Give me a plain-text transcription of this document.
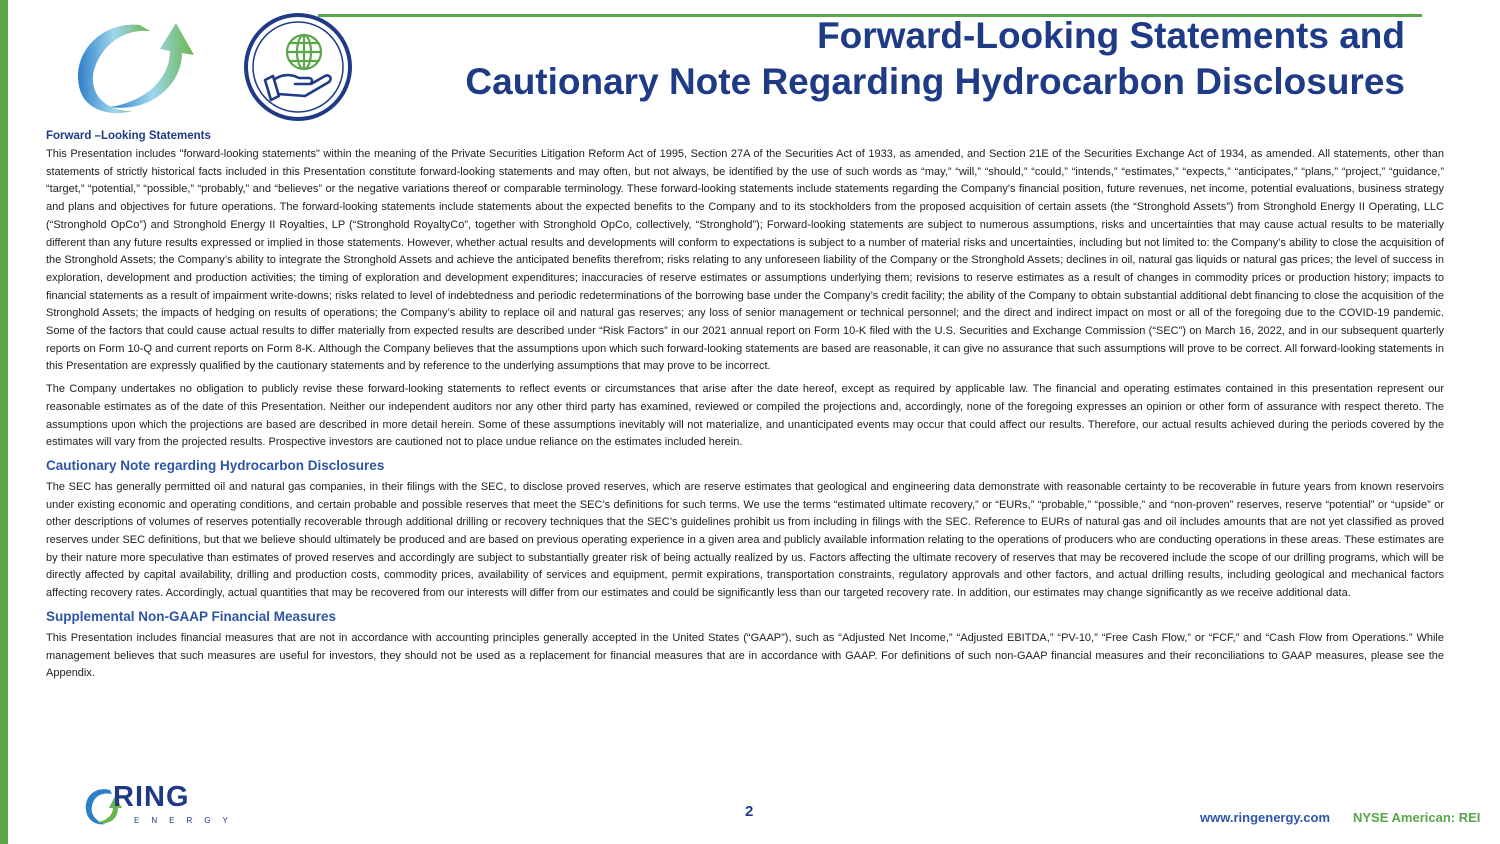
Forward-Looking Statements and
Cautionary Note Regarding Hydrocarbon Disclosures
Forward –Looking Statements

This Presentation includes "forward-looking statements" within the meaning of the Private Securities Litigation Reform Act of 1995, Section 27A of the Securities Act of 1933, as amended, and Section 21E of the Securities Exchange Act of 1934, as amended. All statements, other than statements of strictly historical facts included in this Presentation constitute forward-looking statements and may often, but not always, be identified by the use of such words as “may,” “will,” “should,” “could,” “intends,” “estimates,” “expects,” “anticipates,” “plans,” “project,” “guidance,” “target,” “potential,” “possible,” “probably,” and “believes” or the negative variations thereof or comparable terminology. These forward-looking statements include statements regarding the Company's financial position, future revenues, net income, potential evaluations, business strategy and plans and objectives for future operations. The forward-looking statements include statements about the expected benefits to the Company and to its stockholders from the proposed acquisition of certain assets (the “Stronghold Assets”) from Stronghold Energy II Operating, LLC (“Stronghold OpCo”) and Stronghold Energy II Royalties, LP (“Stronghold RoyaltyCo”, together with Stronghold OpCo, collectively, “Stronghold”); Forward-looking statements are subject to numerous assumptions, risks and uncertainties that may cause actual results to be materially different than any future results expressed or implied in those statements. However, whether actual results and developments will conform to expectations is subject to a number of material risks and uncertainties, including but not limited to: the Company’s ability to close the acquisition of the Stronghold Assets; the Company’s ability to integrate the Stronghold Assets and achieve the anticipated benefits therefrom; risks relating to any unforeseen liability of the Company or the Stronghold Assets; declines in oil, natural gas liquids or natural gas prices; the level of success in exploration, development and production activities; the timing of exploration and development expenditures; inaccuracies of reserve estimates or assumptions underlying them; revisions to reserve estimates as a result of changes in commodity prices or production history; impacts to financial statements as a result of impairment write-downs; risks related to level of indebtedness and periodic redeterminations of the borrowing base under the Company’s credit facility; the ability of the Company to obtain substantial additional debt financing to close the acquisition of the Stronghold Assets; the impacts of hedging on results of operations; the Company’s ability to replace oil and natural gas reserves; any loss of senior management or technical personnel; and the direct and indirect impact on most or all of the foregoing due to the COVID-19 pandemic. Some of the factors that could cause actual results to differ materially from expected results are described under “Risk Factors” in our 2021 annual report on Form 10-K filed with the U.S. Securities and Exchange Commission (“SEC”) on March 16, 2022, and in our subsequent quarterly reports on Form 10-Q and current reports on Form 8-K. Although the Company believes that the assumptions upon which such forward-looking statements are based are reasonable, it can give no assurance that such assumptions will prove to be correct. All forward-looking statements in this Presentation are expressly qualified by the cautionary statements and by reference to the underlying assumptions that may prove to be incorrect.

The Company undertakes no obligation to publicly revise these forward-looking statements to reflect events or circumstances that arise after the date hereof, except as required by applicable law. The financial and operating estimates contained in this presentation represent our reasonable estimates as of the date of this Presentation. Neither our independent auditors nor any other third party has examined, reviewed or compiled the projections and, accordingly, none of the foregoing expresses an opinion or other form of assurance with respect thereto. The assumptions upon which the projections are based are described in more detail herein. Some of these assumptions inevitably will not materialize, and unanticipated events may occur that could affect our results. Therefore, our actual results achieved during the periods covered by the estimates will vary from the projected results. Prospective investors are cautioned not to place undue reliance on the estimates included herein.

Cautionary Note regarding Hydrocarbon Disclosures

The SEC has generally permitted oil and natural gas companies, in their filings with the SEC, to disclose proved reserves, which are reserve estimates that geological and engineering data demonstrate with reasonable certainty to be recoverable in future years from known reservoirs under existing economic and operating conditions, and certain probable and possible reserves that meet the SEC’s definitions for such terms. We use the terms “estimated ultimate recovery,” or “EURs,” “probable,” “possible,” and “non-proven” reserves, reserve “potential” or “upside” or other descriptions of volumes of reserves potentially recoverable through additional drilling or recovery techniques that the SEC’s guidelines prohibit us from including in filings with the SEC. Reference to EURs of natural gas and oil includes amounts that are not yet classified as proved reserves under SEC definitions, but that we believe should ultimately be produced and are based on previous operating experience in a given area and publicly available information relating to the operations of producers who are conducting operations in these areas. These estimates are by their nature more speculative than estimates of proved reserves and accordingly are subject to substantially greater risk of being actually realized by us. Factors affecting the ultimate recovery of reserves that may be recovered include the scope of our drilling programs, which will be directly affected by capital availability, drilling and production costs, commodity prices, availability of services and equipment, permit expirations, transportation constraints, regulatory approvals and other factors, and actual drilling results, including geological and mechanical factors affecting recovery rates. Accordingly, actual quantities that may be recovered from our interests will differ from our estimates and could be significantly less than our targeted recovery rate. In addition, our estimates may change significantly as we receive additional data.

Supplemental Non-GAAP Financial Measures

This Presentation includes financial measures that are not in accordance with accounting principles generally accepted in the United States (“GAAP”), such as “Adjusted Net Income,” “Adjusted EBITDA,” “PV-10,” “Free Cash Flow,” or “FCF,” and “Cash Flow from Operations.” While management believes that such measures are useful for investors, they should not be used as a replacement for financial measures that are in accordance with GAAP. For definitions of such non-GAAP financial measures and their reconciliations to GAAP measures, please see the Appendix.

RING
ENERGY
2	www.ringenergy.com NYSE American: REI
